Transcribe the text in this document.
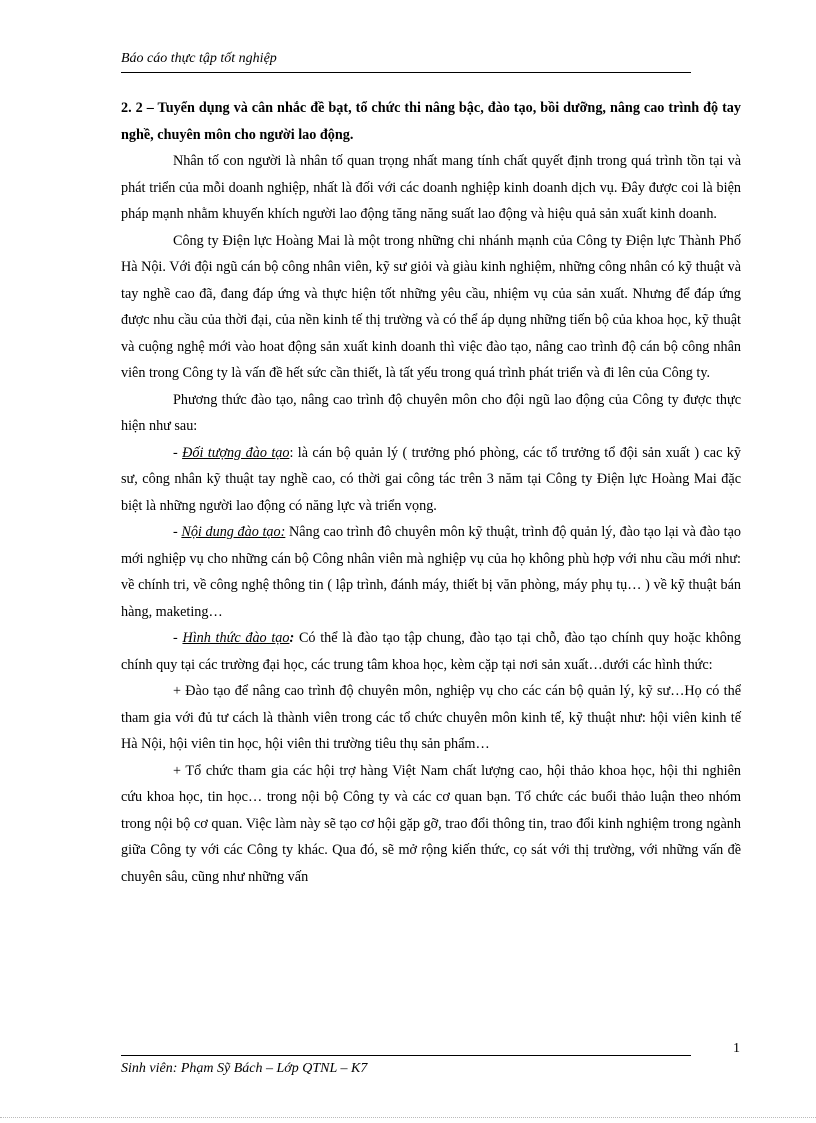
Báo cáo thực tập tốt nghiệp

2. 2 – Tuyển dụng và cân nhắc đề bạt, tổ chức thi nâng bậc, đào tạo, bồi dưỡng, nâng cao trình độ tay nghề, chuyên môn cho người lao động.

Nhân tố con người là nhân tố quan trọng nhất mang tính chất quyết định trong quá trình tồn tại và phát triển của mỗi doanh nghiệp, nhất là đối với các doanh nghiệp kinh doanh dịch vụ. Đây được coi là biện pháp mạnh nhằm khuyến khích người lao động tăng năng suất lao động và hiệu quả sản xuất kinh doanh.

Công ty Điện lực Hoàng Mai là một trong những chi nhánh mạnh của Công ty Điện lực Thành Phố Hà Nội. Với đội ngũ cán bộ công nhân viên, kỹ sư giỏi và giàu kinh nghiệm, những công nhân có kỹ thuật và tay nghề cao đã, đang đáp ứng và thực hiện tốt những yêu cầu, nhiệm vụ của sản xuất. Nhưng để đáp ứng được nhu cầu của thời đại, của nền kinh tế thị trường và có thể áp dụng những tiến bộ của khoa học, kỹ thuật và cuộng nghệ mới vào hoat động sản xuất kinh doanh thì việc đào tạo, nâng cao trình độ cán bộ công nhân viên trong Công ty là vấn đề hết sức cần thiết, là tất yếu trong quá trình phát triển và đi lên của Công ty.

Phương thức đào tạo, nâng cao trình độ chuyên môn cho đội ngũ lao động của Công ty được thực hiện như sau:

- Đối tượng đào tạo: là cán bộ quản lý ( trưởng phó phòng, các tổ trưởng tổ đội sản xuất ) cac kỹ sư, công nhân kỹ thuật tay nghề cao, có thời gai công tác trên 3 năm tại Công ty Điện lực Hoàng Mai đặc biệt là những người lao động có năng lực và triển vọng.

- Nội dung đào tạo: Nâng cao trình đô chuyên môn kỹ thuật, trình độ quản lý, đào tạo lại và đào tạo mới nghiệp vụ cho những cán bộ Công nhân viên mà nghiệp vụ của họ không phù hợp với nhu cầu mới như: về chính tri, về công nghệ thông tin ( lập trình, đánh máy, thiết bị văn phòng, máy phụ tụ… ) về kỹ thuật bán hàng, maketing…

- Hình thức đào tạo: Có thể là đào tạo tập chung, đào tạo tại chỗ, đào tạo chính quy hoặc không chính quy tại các trường đại học, các trung tâm khoa học, kèm cặp tại nơi sản xuất…dưới các hình thức:

+ Đào tạo để nâng cao trình độ chuyên môn, nghiệp vụ cho các cán bộ quản lý, kỹ sư…Họ có thể tham gia với đủ tư cách là thành viên trong các tổ chức chuyên môn kinh tế, kỹ thuật như: hội viên kinh tế Hà Nội, hội viên tin học, hội viên thi trường tiêu thụ sản phẩm…

+ Tổ chức tham gia các hội trợ hàng Việt Nam chất lượng cao, hội thảo khoa học, hội thi nghiên cứu khoa học, tin học… trong nội bộ Công ty và các cơ quan bạn. Tổ chức các buổi thảo luận theo nhóm trong nội bộ cơ quan. Việc làm này sẽ tạo cơ hội gặp gỡ, trao đổi thông tin, trao đổi kinh nghiệm trong ngành giữa Công ty với các Công ty khác. Qua đó, sẽ mở rộng kiến thức, cọ sát với thị trường, với những vấn đề chuyên sâu, cũng như những vấn

1
Sinh viên: Phạm Sỹ Bách – Lớp QTNL – K7
